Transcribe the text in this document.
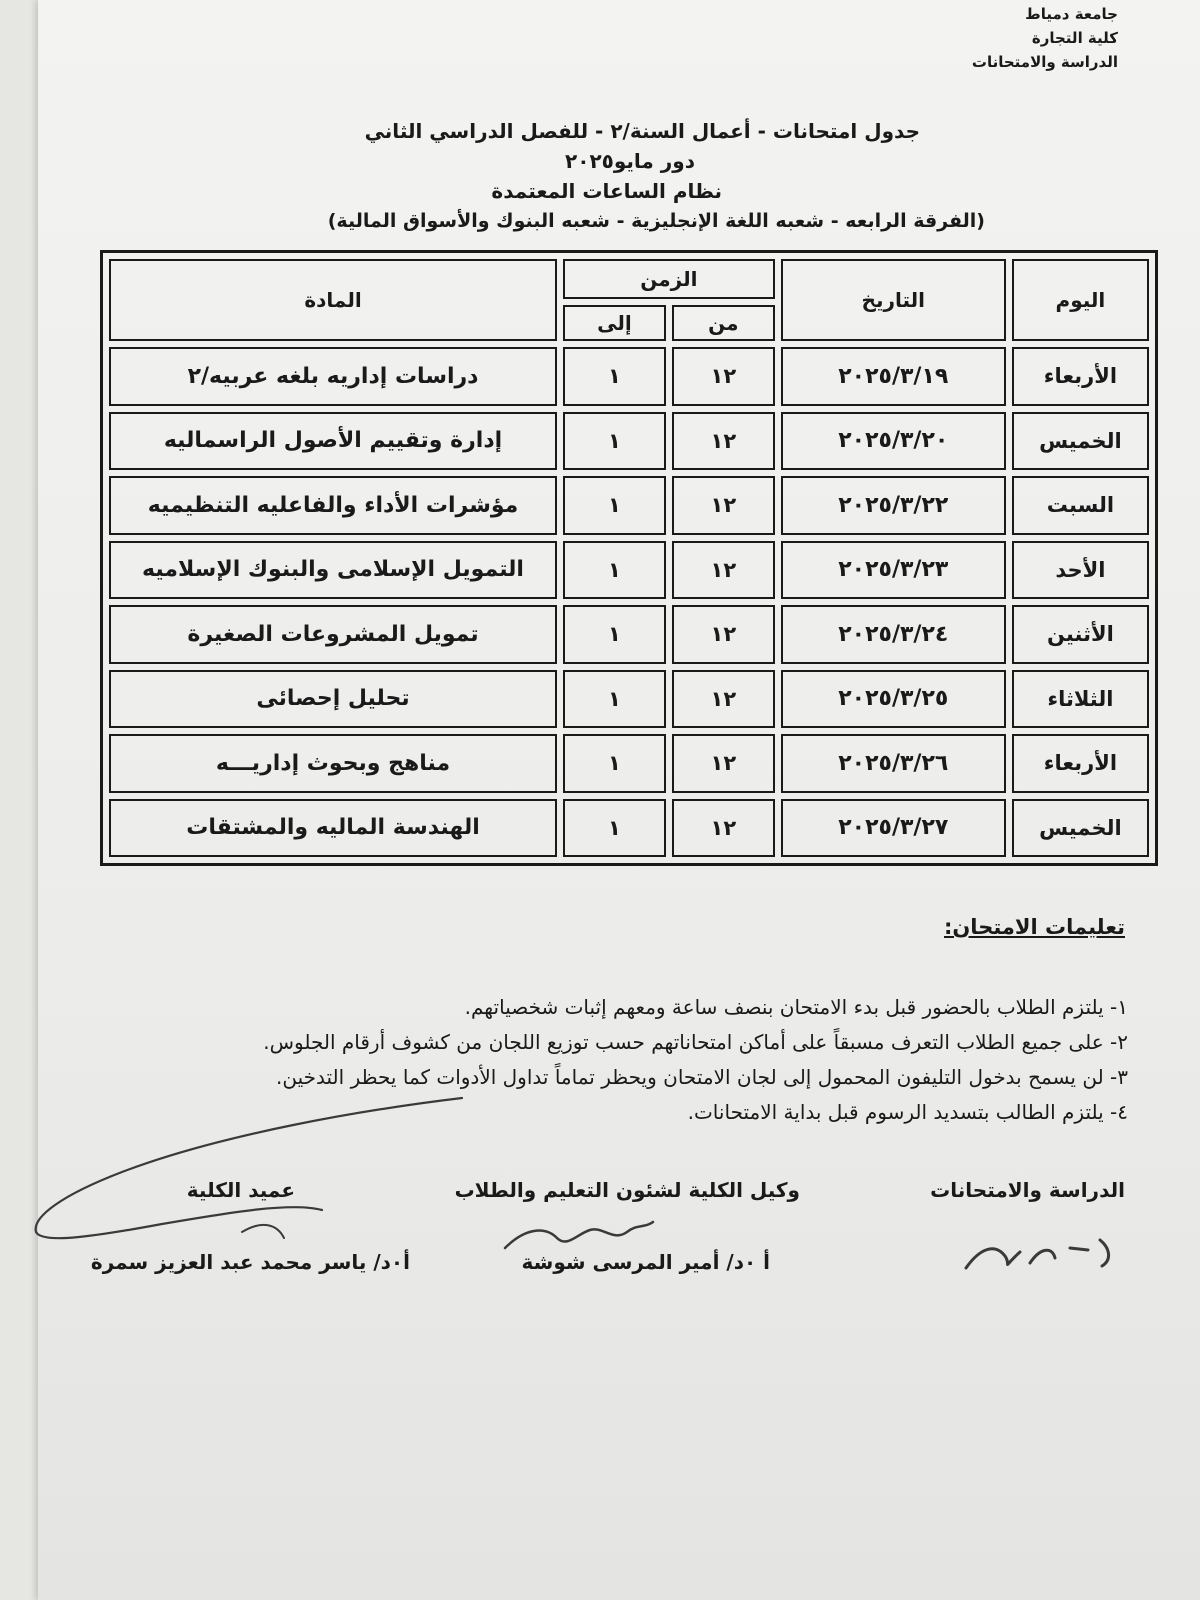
جامعة دمياط
كلية التجارة
الدراسة والامتحانات
جدول امتحانات - أعمال السنة/٢ - للفصل الدراسي الثاني
دور مايو٢٠٢٥
نظام الساعات المعتمدة
(الفرقة الرابعه - شعبه اللغة الإنجليزية - شعبه البنوك والأسواق المالية)
اليوم	التاريخ	الزمن		المادة
		من	إلى	
الأربعاء	٢٠٢٥/٣/١٩	١٢	١	دراسات إداريه بلغه عربيه/٢
الخميس	٢٠٢٥/٣/٢٠	١٢	١	إدارة وتقييم الأصول الراسماليه
السبت	٢٠٢٥/٣/٢٢	١٢	١	مؤشرات الأداء والفاعليه التنظيميه
الأحد	٢٠٢٥/٣/٢٣	١٢	١	التمويل الإسلامى والبنوك الإسلاميه
الأثنين	٢٠٢٥/٣/٢٤	١٢	١	تمويل المشروعات الصغيرة
الثلاثاء	٢٠٢٥/٣/٢٥	١٢	١	تحليل إحصائى
الأربعاء	٢٠٢٥/٣/٢٦	١٢	١	مناهج وبحوث إداريـــه
الخميس	٢٠٢٥/٣/٢٧	١٢	١	الهندسة الماليه والمشتقات
تعليمات الامتحان:
١- يلتزم الطلاب بالحضور قبل بدء الامتحان بنصف ساعة ومعهم إثبات شخصياتهم.
٢- على جميع الطلاب التعرف مسبقاً على أماكن امتحاناتهم حسب توزيع اللجان من كشوف أرقام الجلوس.
٣- لن يسمح بدخول التليفون المحمول إلى لجان الامتحان ويحظر تماماً تداول الأدوات كما يحظر التدخين.
٤- يلتزم الطالب بتسديد الرسوم قبل بداية الامتحانات.
الدراسة والامتحانات
وكيل الكلية لشئون التعليم والطلاب
أ ٠د/ أمير المرسى شوشة
عميد الكلية
أ٠د/ ياسر محمد عبد العزيز سمرة
